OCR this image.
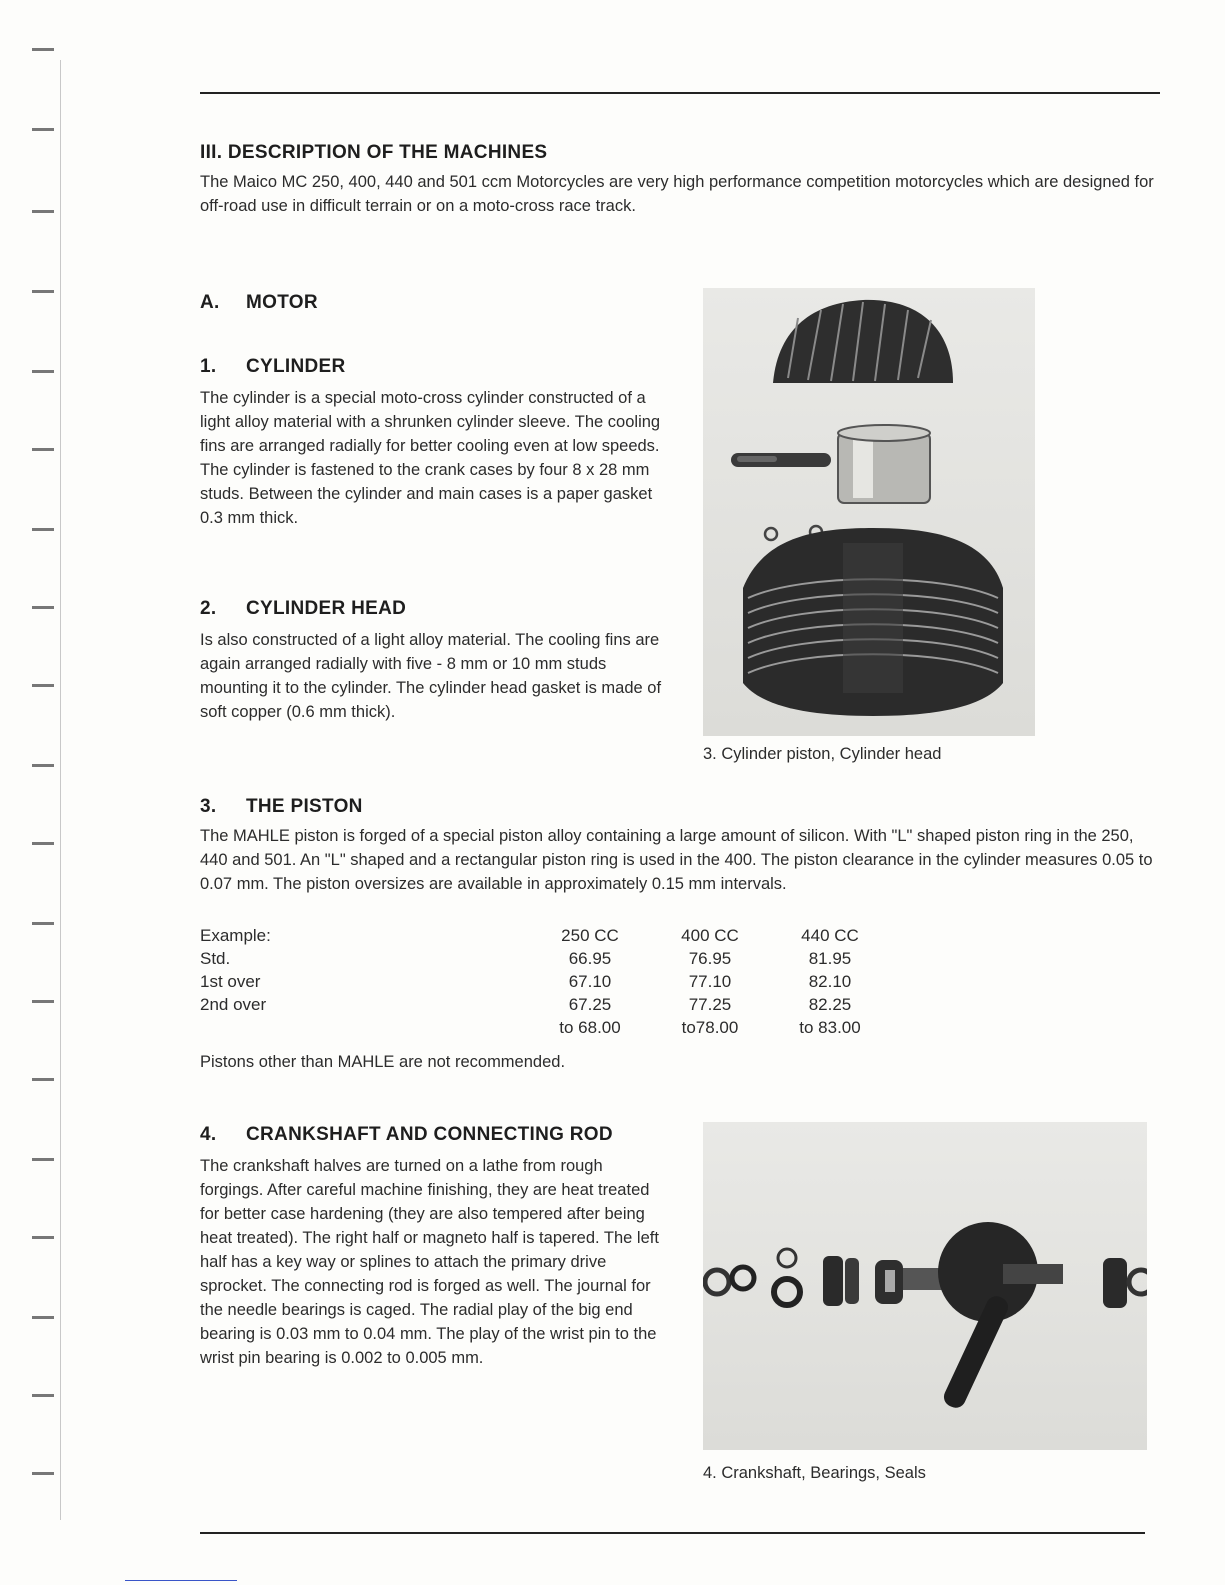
III. DESCRIPTION OF THE MACHINES

The Maico MC 250, 400, 440 and 501 ccm Motorcycles are very high performance competition motorcycles which are designed for off-road use in difficult terrain or on a moto-cross race track.

A. MOTOR
1. CYLINDER

The cylinder is a special moto-cross cylinder constructed of a light alloy material with a shrunken cylinder sleeve. The cooling fins are arranged radially for better cooling even at low speeds. The cylinder is fastened to the crank cases by four 8 x 28 mm studs. Between the cylinder and main cases is a paper gasket 0.3 mm thick.

2. CYLINDER HEAD

Is also constructed of a light alloy material. The cooling fins are again arranged radially with five - 8 mm or 10 mm studs mounting it to the cylinder. The cylinder head gasket is made of soft copper (0.6 mm thick).

3. Cylinder piston, Cylinder head

3. THE PISTON

The MAHLE piston is forged of a special piston alloy containing a large amount of silicon. With "L" shaped piston ring in the 250, 440 and 501. An "L" shaped and a rectangular piston ring is used in the 400. The piston clearance in the cylinder measures 0.05 to 0.07 mm. The piston oversizes are available in approximately 0.15 mm intervals.

Example:	250 CC	400 CC	440 CC
Std.	66.95	76.95	81.95
1st over	67.10	77.10	82.10
2nd over	67.25	77.25	82.25
	to 68.00	to78.00	to 83.00

Pistons other than MAHLE are not recommended.

4. CRANKSHAFT AND CONNECTING ROD

The crankshaft halves are turned on a lathe from rough forgings. After careful machine finishing, they are heat treated for better case hardening (they are also tempered after being heat treated). The right half or magneto half is tapered. The left half has a key way or splines to attach the primary drive sprocket. The connecting rod is forged as well. The journal for the needle bearings is caged. The radial play of the big end bearing is 0.03 mm to 0.04 mm. The play of the wrist pin to the wrist pin bearing is 0.002 to 0.005 mm.

4. Crankshaft, Bearings, Seals
